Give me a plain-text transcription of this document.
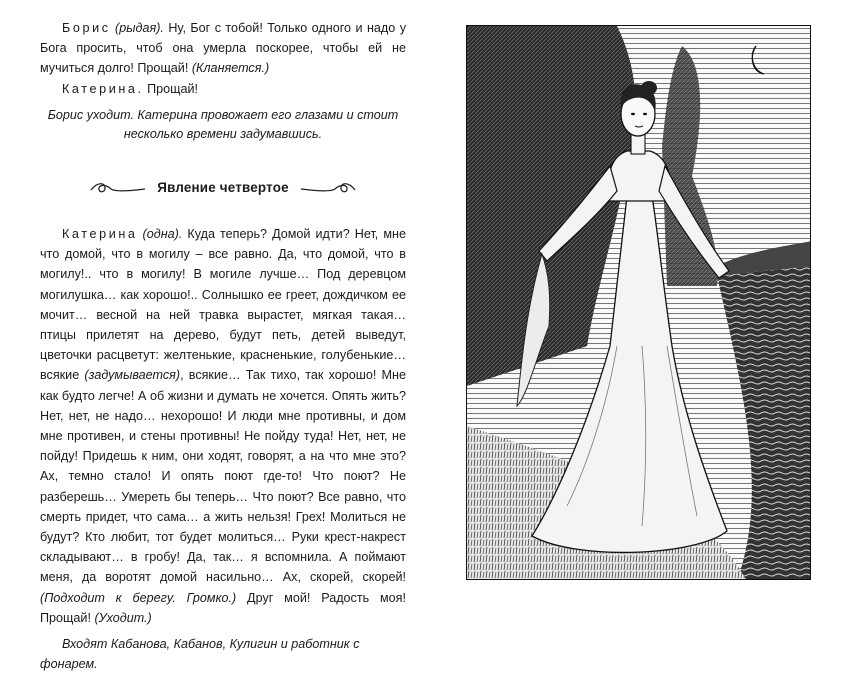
Борис (рыдая). Ну, Бог с тобой! Только одного и надо у Бога просить, чтоб она умерла поскорее, чтобы ей не мучиться долго! Прощай! (Кланяется.)

Катерина. Прощай!

Борис уходит. Катерина провожает его глазами и стоит несколько времени задумавшись.

Явление четвертое

Катерина (одна). Куда теперь? Домой идти? Нет, мне что домой, что в могилу – все равно. Да, что домой, что в могилу!.. что в могилу! В могиле лучше… Под деревцом могилушка… как хорошо!.. Солнышко ее греет, дождичком ее мочит… весной на ней травка вырастет, мягкая такая… птицы прилетят на дерево, будут петь, детей выведут, цветочки расцветут: желтенькие, красненькие, голубенькие… всякие (задумывается), всякие… Так тихо, так хорошо! Мне как будто легче! А об жизни и думать не хочется. Опять жить? Нет, нет, не надо… нехорошо! И люди мне противны, и дом мне противен, и стены противны! Не пойду туда! Нет, нет, не пойду! Придешь к ним, они ходят, говорят, а на что мне это? Ах, темно стало! И опять поют где-то! Что поют? Не разберешь… Умереть бы теперь… Что поют? Все равно, что смерть придет, что сама… а жить нельзя! Грех! Молиться не будут? Кто любит, тот будет молиться… Руки крест-накрест складывают… в гробу! Да, так… я вспомнила. А поймают меня, да воротят домой насильно… Ах, скорей, скорей! (Подходит к берегу. Громко.) Друг мой! Радость моя! Прощай! (Уходит.)

Входят Кабанова, Кабанов, Кулигин и работник с фонарем.
